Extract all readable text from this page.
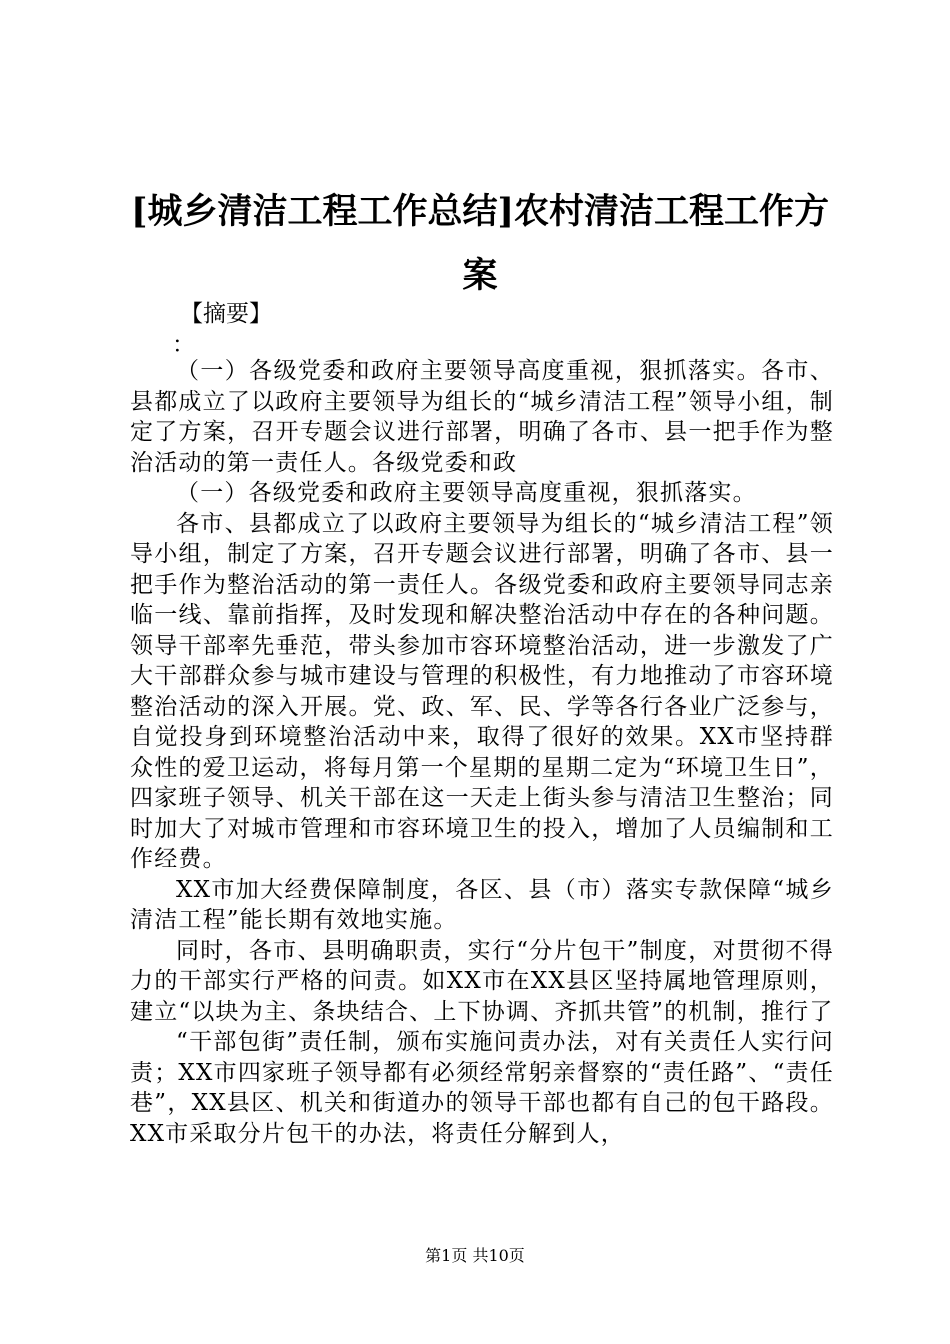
[城乡清洁工程工作总结]农村清洁工程工作方案

【摘要】

：

（一）各级党委和政府主要领导高度重视，狠抓落实。各市、县都成立了以政府主要领导为组长的“城乡清洁工程”领导小组，制定了方案，召开专题会议进行部署，明确了各市、县一把手作为整治活动的第一责任人。各级党委和政

（一）各级党委和政府主要领导高度重视，狠抓落实。

各市、县都成立了以政府主要领导为组长的“城乡清洁工程”领导小组，制定了方案，召开专题会议进行部署，明确了各市、县一把手作为整治活动的第一责任人。各级党委和政府主要领导同志亲临一线、靠前指挥，及时发现和解决整治活动中存在的各种问题。领导干部率先垂范，带头参加市容环境整治活动，进一步激发了广大干部群众参与城市建设与管理的积极性，有力地推动了市容环境整治活动的深入开展。党、政、军、民、学等各行各业广泛参与，自觉投身到环境整治活动中来，取得了很好的效果。XX市坚持群众性的爱卫运动，将每月第一个星期的星期二定为“环境卫生日”，四家班子领导、机关干部在这一天走上街头参与清洁卫生整治；同时加大了对城市管理和市容环境卫生的投入，增加了人员编制和工作经费。

XX市加大经费保障制度，各区、县（市）落实专款保障“城乡清洁工程”能长期有效地实施。

同时，各市、县明确职责，实行“分片包干”制度，对贯彻不得力的干部实行严格的问责。如XX市在XX县区坚持属地管理原则，建立“以块为主、条块结合、上下协调、齐抓共管”的机制，推行了

“干部包街”责任制，颁布实施问责办法，对有关责任人实行问责；XX市四家班子领导都有必须经常躬亲督察的“责任路”、“责任巷”，XX县区、机关和街道办的领导干部也都有自己的包干路段。XX市采取分片包干的办法，将责任分解到人，

第1页 共10页
